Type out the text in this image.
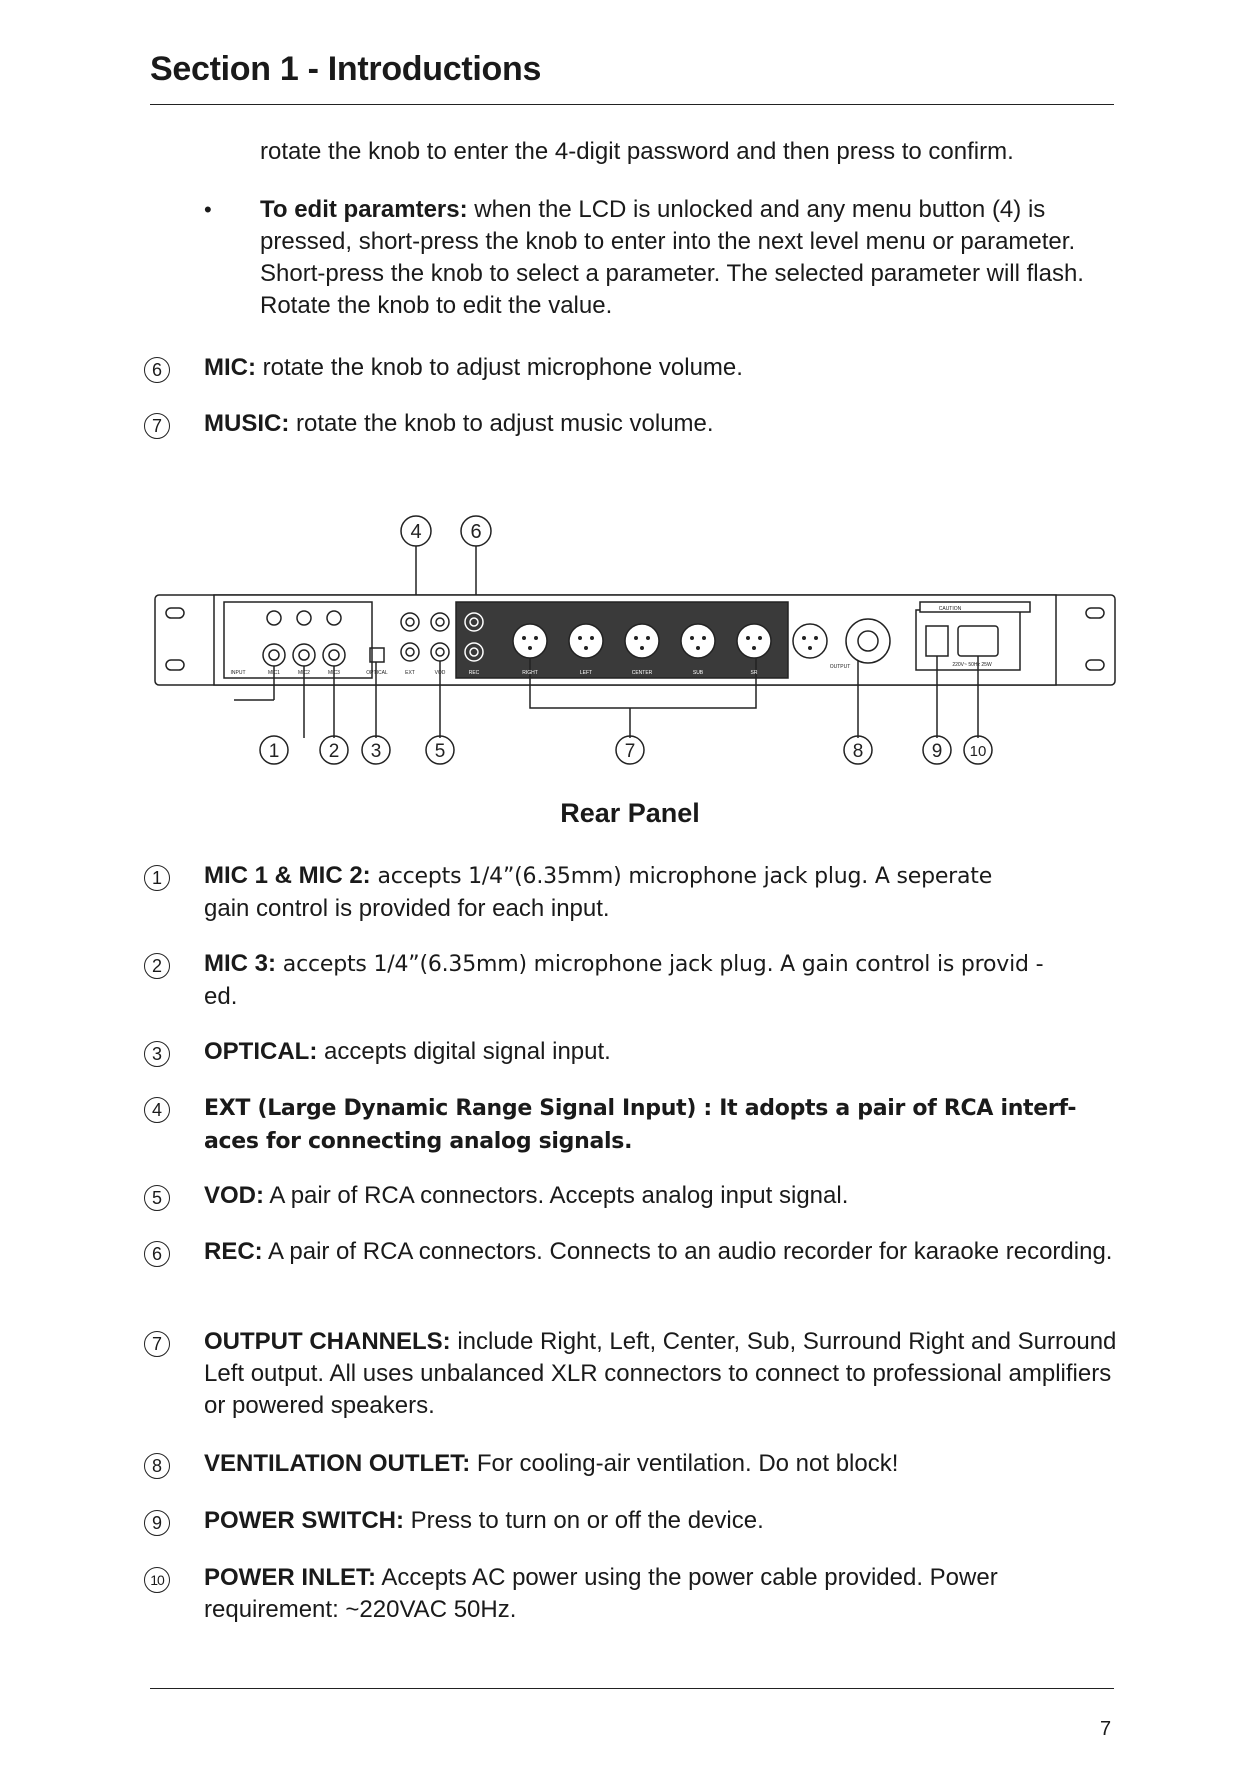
Section 1 - Introductions
rotate the knob to enter the 4-digit password and then press to confirm.
• To edit paramters: when the LCD is unlocked and any menu button (4) is pressed, short-press the knob to enter into the next level menu or parameter. Short-press the knob to select a parameter. The selected parameter will flash. Rotate the knob to edit the value.
6	MIC: rotate the knob to adjust microphone volume.
7	MUSIC: rotate the knob to adjust music volume.
4 6
1	2 3	5	7	8	9 10
INPUT	MIC1	MIC2	MIC3	OPTICAL	EXT	VOD	REC	RIGHT	LEFT	CENTER	SUB	SR	SL
OUTPUT
CAUTION
220V~ 50Hz 25W
Rear Panel
1	MIC 1 & MIC 2: accepts 1/4”(6.35mm) microphone jack plug. A seperate
gain control is provided for each input.
2	MIC 3: accepts 1/4”(6.35mm) microphone jack plug. A gain control is provid -
ed.
3	OPTICAL: accepts digital signal input.
4	EXT (Large Dynamic Range Signal Input) : It adopts a pair of RCA interf-
aces for connecting analog signals.
5	VOD: A pair of RCA connectors. Accepts analog input signal.
6	REC: A pair of RCA connectors. Connects to an audio recorder for karaoke recording.
7	OUTPUT CHANNELS: include Right, Left, Center, Sub, Surround Right and Surround Left output. All uses unbalanced XLR connectors to connect to professional amplifiers or powered speakers.
8	VENTILATION OUTLET: For cooling-air ventilation. Do not block!
9	POWER SWITCH: Press to turn on or off the device.
10 POWER INLET: Accepts AC power using the power cable provided. Power requirement: ~220VAC 50Hz.
7
